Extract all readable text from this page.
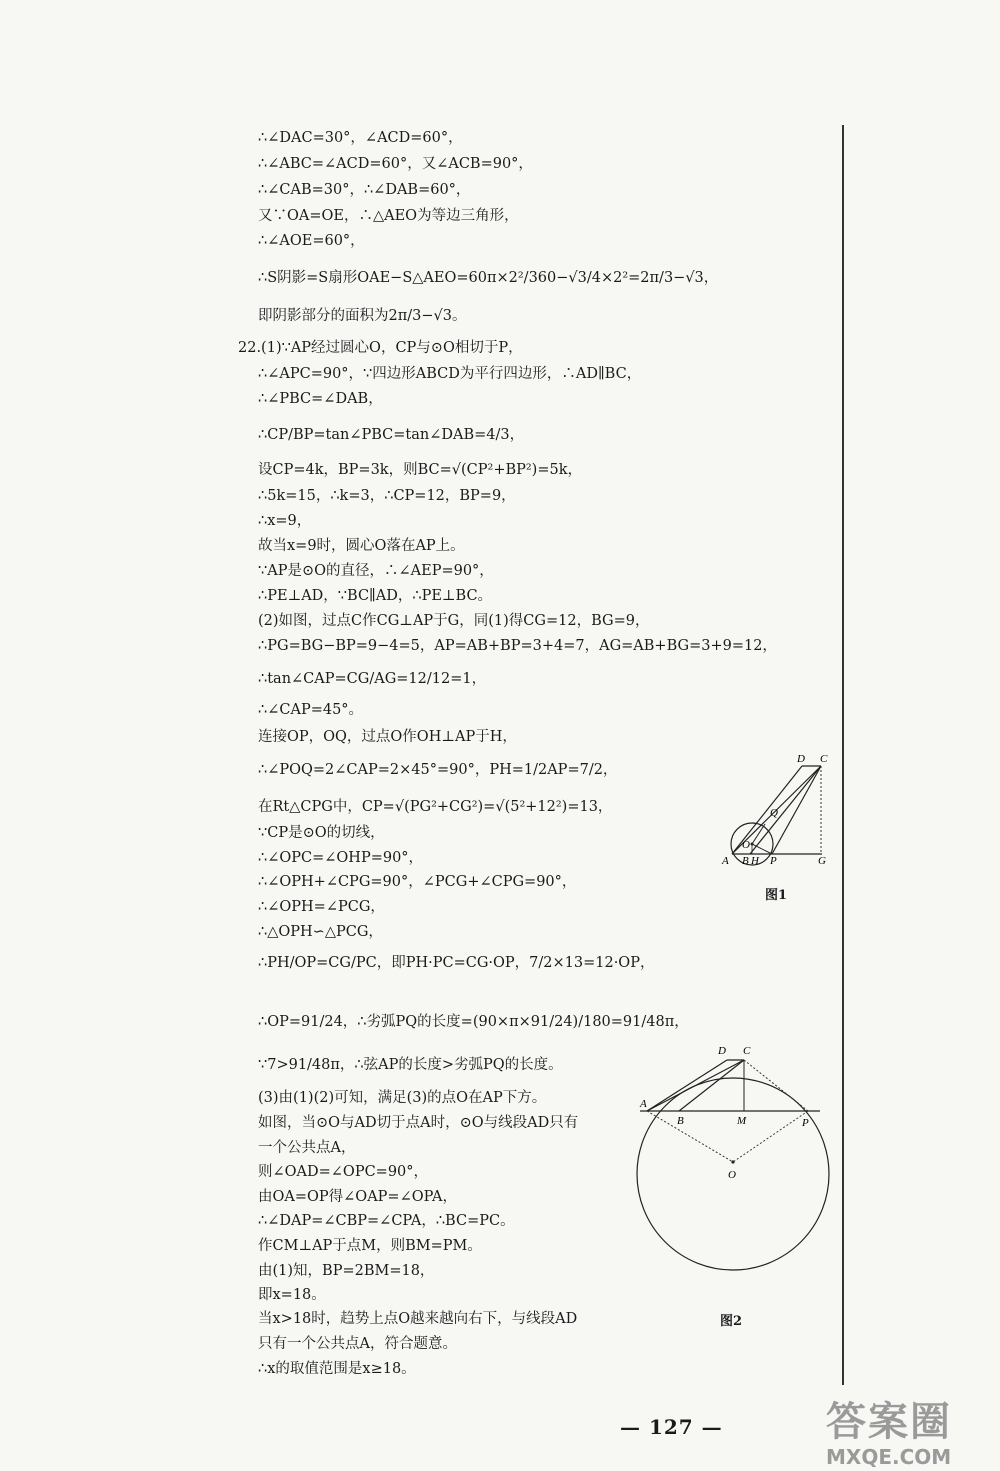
∴∠DAC=30°，∠ACD=60°，
∴∠ABC=∠ACD=60°，又∠ACB=90°，
∴∠CAB=30°，∴∠DAB=60°，
又∵OA=OE，∴△AEO为等边三角形，
∴∠AOE=60°，
∴S阴影=S扇形OAE−S△AEO=60π×2²/360−√3/4×2²=2π/3−√3，
即阴影部分的面积为2π/3−√3。
22.(1)∵AP经过圆心O，CP与⊙O相切于P，
∴∠APC=90°，∵四边形ABCD为平行四边形，∴AD∥BC，
∴∠PBC=∠DAB，
∴CP/BP=tan∠PBC=tan∠DAB=4/3，
设CP=4k，BP=3k，则BC=√(CP²+BP²)=5k，
∴5k=15，∴k=3，∴CP=12，BP=9，
∴x=9，
故当x=9时，圆心O落在AP上。
∵AP是⊙O的直径，∴∠AEP=90°，
∴PE⊥AD，∵BC∥AD，∴PE⊥BC。
(2)如图，过点C作CG⊥AP于G，同(1)得CG=12，BG=9，
∴PG=BG−BP=9−4=5，AP=AB+BP=3+4=7，AG=AB+BG=3+9=12，
∴tan∠CAP=CG/AG=12/12=1，
∴∠CAP=45°。
连接OP，OQ，过点O作OH⊥AP于H，
∴∠POQ=2∠CAP=2×45°=90°，PH=1/2AP=7/2，
在Rt△CPG中，CP=√(PG²+CG²)=√(5²+12²)=13，
∵CP是⊙O的切线，
∴∠OPC=∠OHP=90°，
∴∠OPH+∠CPG=90°，∠PCG+∠CPG=90°，
∴∠OPH=∠PCG，
∴△OPH∽△PCG，
∴PH/OP=CG/PC，即PH·PC=CG·OP，7/2×13=12·OP，
∴OP=91/24，∴劣弧PQ的长度=(90×π×91/24)/180=91/48π，
∵7>91/48π，∴弦AP的长度>劣弧PQ的长度。
(3)由(1)(2)可知，满足(3)的点O在AP下方。
如图，当⊙O与AD切于点A时，⊙O与线段AD只有
一个公共点A，
则∠OAD=∠OPC=90°，
由OA=OP得∠OAP=∠OPA，
∴∠DAP=∠CBP=∠CPA，∴BC=PC。
作CM⊥AP于点M，则BM=PM。
由(1)知，BP=2BM=18，
即x=18。
当x>18时，趋势上点O越来越向右下，与线段AD
只有一个公共点A，符合题意。
∴x的取值范围是x≥18。
D C
Q
O
A B H P	G
图1
D C
A
B	M	P
O
图2
— 127 —	答案圈
MXQE.COM
